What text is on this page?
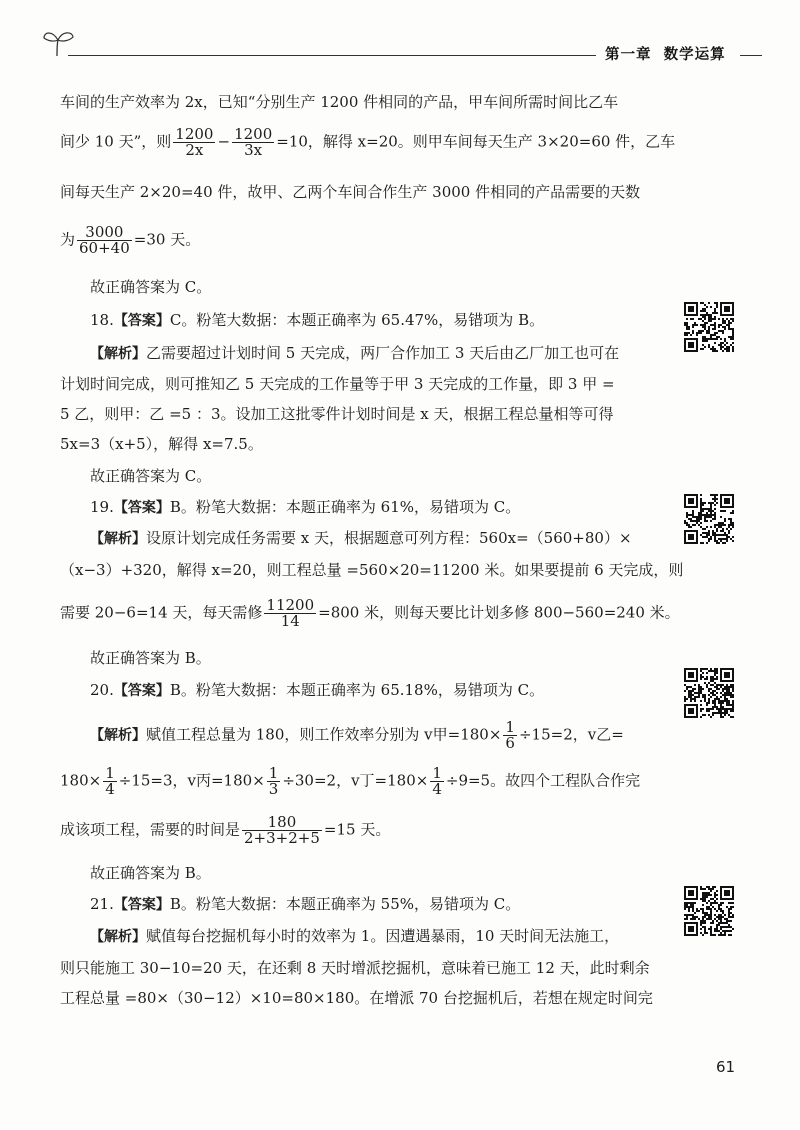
第一章 数学运算
车间的生产效率为 2x，已知“分别生产 1200 件相同的产品，甲车间所需时间比乙车
间少 10 天”，则 $\frac{1200}{2x} - \frac{1200}{3x} =10$，解得 x=20。则甲车间每天生产 3×20=60 件，乙车
间每天生产 2×20=40 件，故甲、乙两个车间合作生产 3000 件相同的产品需要的天数
为 $\frac{3000}{60+40} =30$ 天。
故正确答案为 C。
18.【答案】C。粉笔大数据：本题正确率为 65.47%，易错项为 B。
【解析】乙需要超过计划时间 5 天完成，两厂合作加工 3 天后由乙厂加工也可在
计划时间完成，则可推知乙 5 天完成的工作量等于甲 3 天完成的工作量，即 3 甲 =
5 乙，则甲：乙 =5 ：3。设加工这批零件计划时间是 x 天，根据工程总量相等可得
5x=3（x+5），解得 x=7.5。
故正确答案为 C。
19.【答案】B。粉笔大数据：本题正确率为 61%，易错项为 C。
【解析】设原计划完成任务需要 x 天，根据题意可列方程：560x=（560+80）×
（x−3）+320，解得 x=20，则工程总量 =560×20=11200 米。如果要提前 6 天完成，则
需要 20−6=14 天，每天需修 $\frac{11200}{14} =800$ 米，则每天要比计划多修 800−560=240 米。
故正确答案为 B。
20.【答案】B。粉笔大数据：本题正确率为 65.18%，易错项为 C。
【解析】赋值工程总量为 180，则工作效率分别为 v甲$=180\times \frac{1}{6} \div 15=2$，v乙=
$180\times \frac{1}{4} \div 15=3$，v丙$=180\times \frac{1}{3} \div 30=2$，v丁$=180\times \frac{1}{4} \div 9=5$。故四个工程队合作完
成该项工程，需要的时间是 $\frac{180}{2+3+2+5} =15$ 天。
故正确答案为 B。
21.【答案】B。粉笔大数据：本题正确率为 55%，易错项为 C。
【解析】赋值每台挖掘机每小时的效率为 1。因遭遇暴雨，10 天时间无法施工，
则只能施工 30−10=20 天，在还剩 8 天时增派挖掘机，意味着已施工 12 天，此时剩余
工程总量 =80×（30−12）×10=80×180。在增派 70 台挖掘机后，若想在规定时间完
61
